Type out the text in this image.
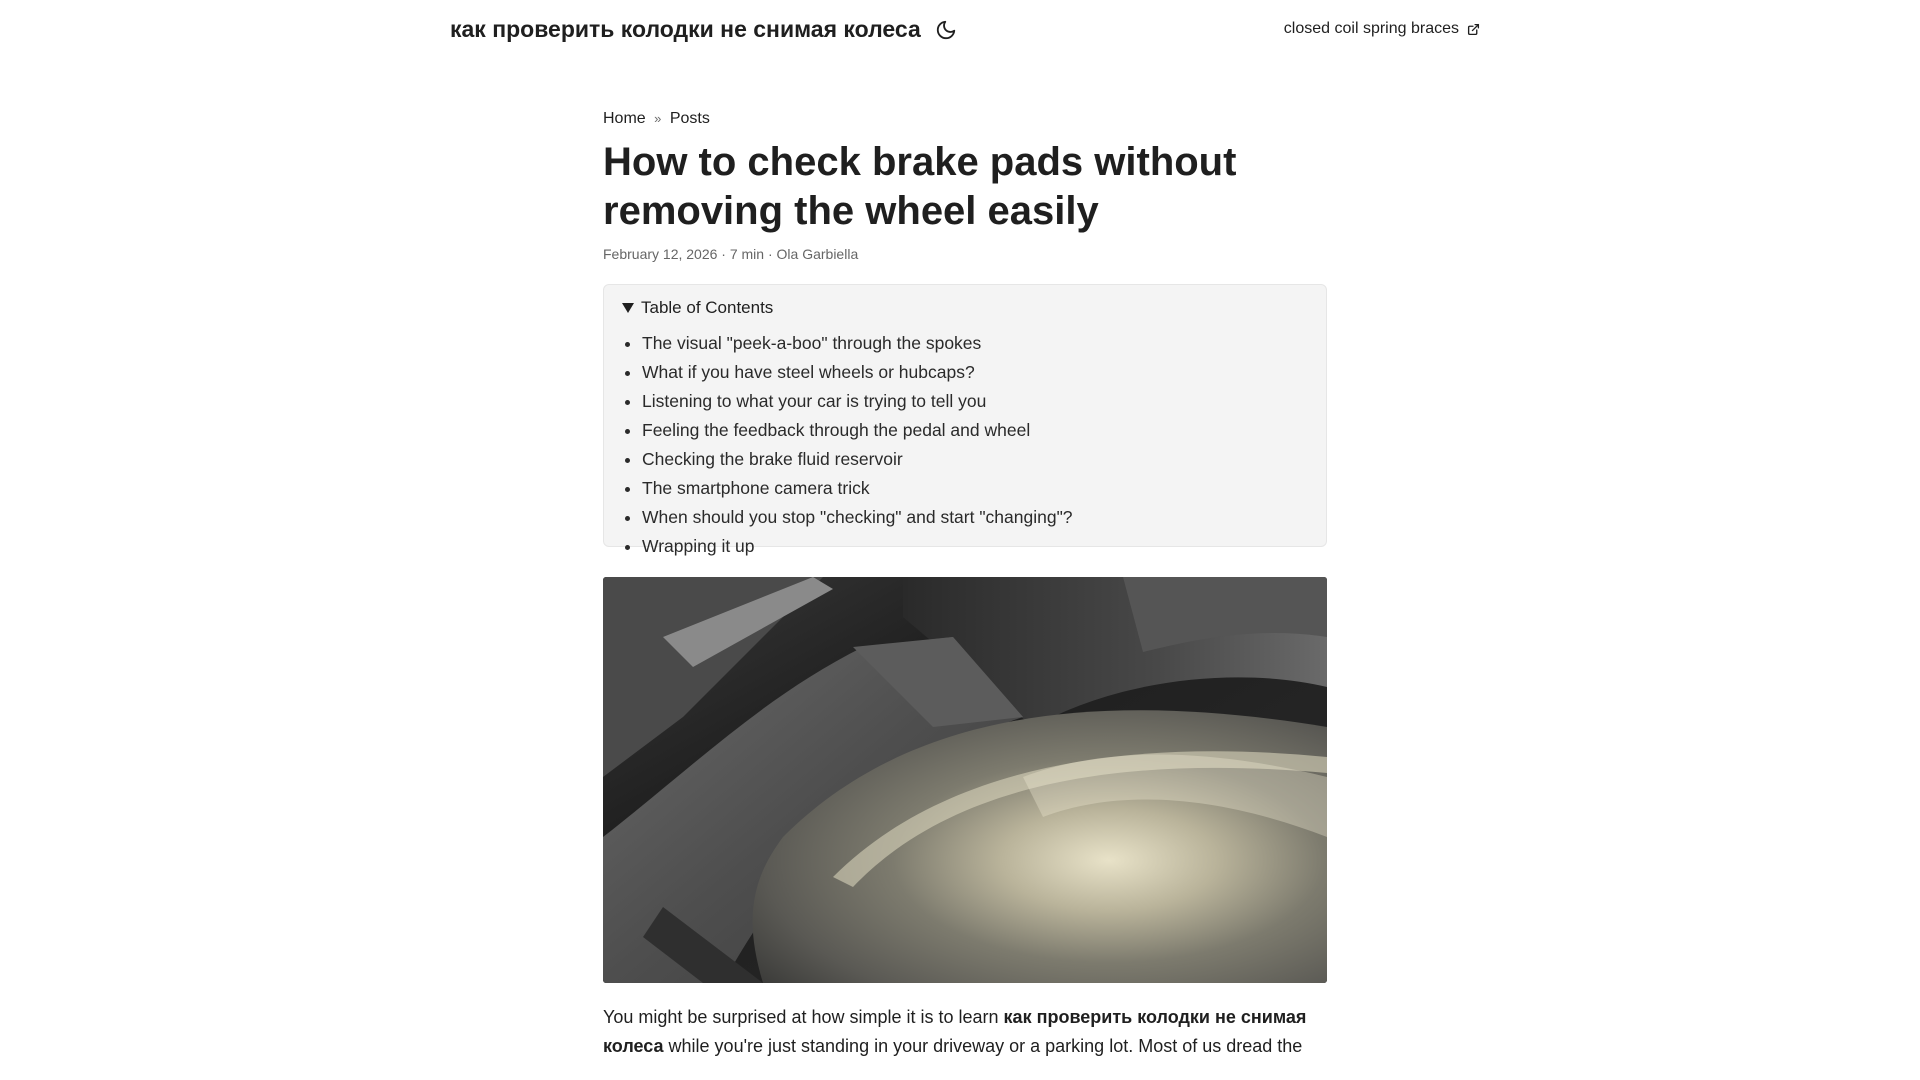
как проверить колодки не снимая колеса	closed coil spring braces
Home » Posts
How to check brake pads without removing the wheel easily
February 12, 2026 · 7 min · Ola Garbiella
Table of Contents
• The visual "peek-a-boo" through the spokes
• What if you have steel wheels or hubcaps?
• Listening to what your car is trying to tell you
• Feeling the feedback through the pedal and wheel
• Checking the brake fluid reservoir
• The smartphone camera trick
• When should you stop "checking" and start "changing"?
• Wrapping it up

You might be surprised at how simple it is to learn как проверить колодки не снимая колеса while you're just standing in your driveway or a parking lot. Most of us dread the
